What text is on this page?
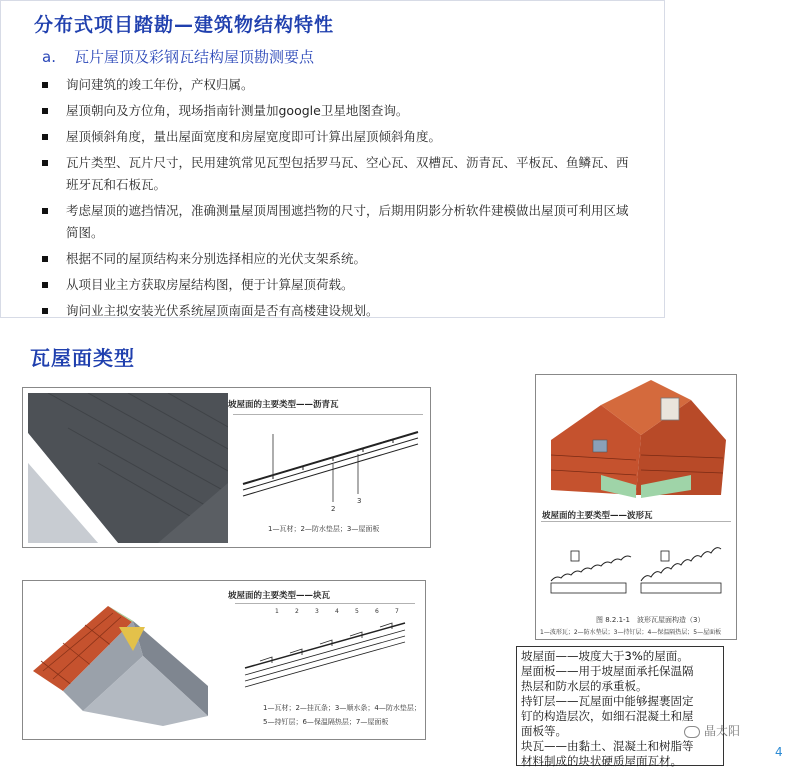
分布式项目踏勘—建筑物结构特性
a. 瓦片屋顶及彩钢瓦结构屋顶勘测要点
询问建筑的竣工年份，产权归属。
屋顶朝向及方位角，现场指南针测量加google卫星地图查询。
屋顶倾斜角度，量出屋面宽度和房屋宽度即可计算出屋顶倾斜角度。
瓦片类型、瓦片尺寸，民用建筑常见瓦型包括罗马瓦、空心瓦、双槽瓦、沥青瓦、平板瓦、鱼鳞瓦、西
班牙瓦和石板瓦。
考虑屋顶的遮挡情况，准确测量屋顶周围遮挡物的尺寸，后期用阴影分析软件建模做出屋顶可利用区域
简图。
根据不同的屋顶结构来分别选择相应的光伏支架系统。
从项目业主方获取房屋结构图，便于计算屋顶荷载。
询问业主拟安装光伏系统屋顶南面是否有高楼建设规划。
瓦屋面类型
坡屋面的主要类型——沥青瓦
2
3
1—瓦材；2—防水垫层；3—屋面板
坡屋面的主要类型——波形瓦
图 8.2.1-1　波形瓦屋面构造（3）
1—波形瓦；2—防水垫层；3—持钉层；4—保温隔热层；5—屋面板
坡屋面的主要类型——块瓦
1	2	3	4	5	6	7
1—瓦材；2—挂瓦条；3—顺水条；4—防水垫层；
5—持钉层；6—保温隔热层；7—屋面板
坡屋面——坡度大于3%的屋面。
屋面板——用于坡屋面承托保温隔
热层和防水层的承重板。
持钉层——瓦屋面中能够握裹固定
钉的构造层次，如细石混凝土和屋
面板等。
块瓦——由黏土、混凝土和树脂等
材料制成的块状硬质屋面瓦材。
晶太阳
4
